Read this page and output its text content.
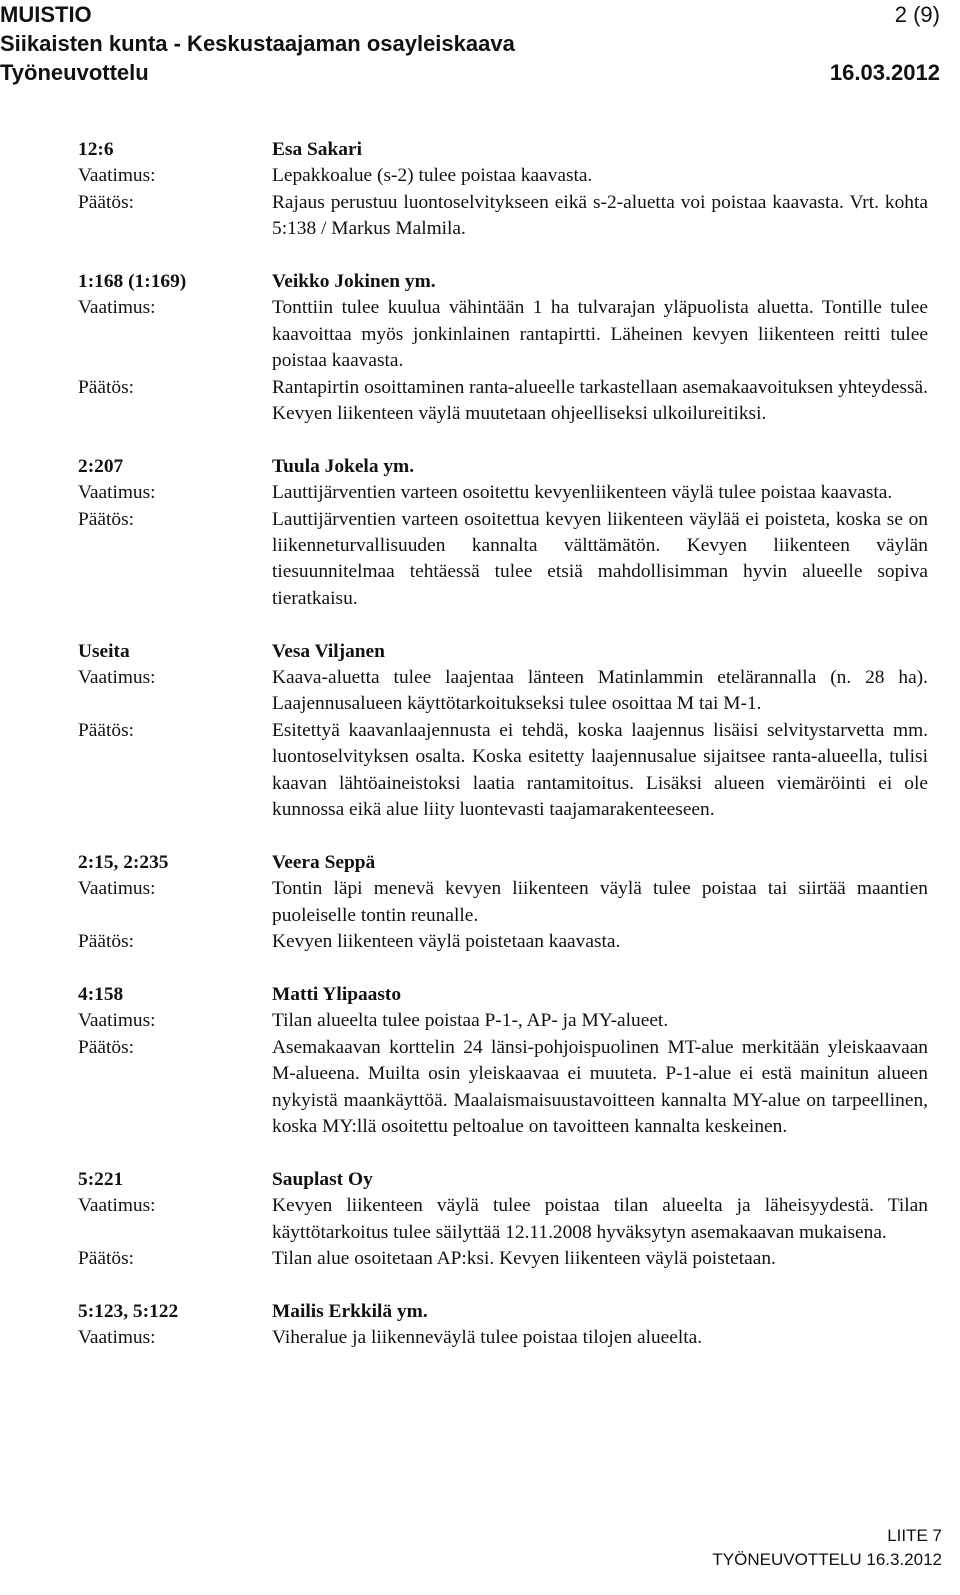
MUISTIO	2 (9)
Siikaisten kunta - Keskustaajaman osayleiskaava
Työneuvottelu	16.03.2012
12:6	Esa Sakari
Vaatimus:	Lepakkoalue (s-2) tulee poistaa kaavasta.
Päätös:	Rajaus perustuu luontoselvitykseen eikä s-2-aluetta voi poistaa kaavasta. Vrt. kohta 5:138 / Markus Malmila.
1:168 (1:169)	Veikko Jokinen ym.
Vaatimus:	Tonttiin tulee kuulua vähintään 1 ha tulvarajan yläpuolista aluetta. Tontille tulee kaavoittaa myös jonkinlainen rantapirtti. Läheinen kevyen liikenteen reitti tulee poistaa kaavasta.
Päätös:	Rantapirtin osoittaminen ranta-alueelle tarkastellaan asemakaavoituksen yhteydessä. Kevyen liikenteen väylä muutetaan ohjeelliseksi ulkoilureitiksi.
2:207	Tuula Jokela ym.
Vaatimus:	Lauttijärventien varteen osoitettu kevyenliikenteen väylä tulee poistaa kaavasta.
Päätös:	Lauttijärventien varteen osoitettua kevyen liikenteen väylää ei poisteta, koska se on liikenneturvallisuuden kannalta välttämätön. Kevyen liikenteen väylän tiesuunnitelmaa tehtäessä tulee etsiä mahdollisimman hyvin alueelle sopiva tieratkaisu.
Useita	Vesa Viljanen
Vaatimus:	Kaava-aluetta tulee laajentaa länteen Matinlammin etelärannalla (n. 28 ha). Laajennusalueen käyttötarkoitukseksi tulee osoittaa M tai M-1.
Päätös:	Esitettyä kaavanlaajennusta ei tehdä, koska laajennus lisäisi selvitystarvetta mm. luontoselvityksen osalta. Koska esitetty laajennusalue sijaitsee ranta-alueella, tulisi kaavan lähtöaineistoksi laatia rantamitoitus. Lisäksi alueen viemäröinti ei ole kunnossa eikä alue liity luontevasti taajamarakenteeseen.
2:15, 2:235	Veera Seppä
Vaatimus:	Tontin läpi menevä kevyen liikenteen väylä tulee poistaa tai siirtää maantien puoleiselle tontin reunalle.
Päätös:	Kevyen liikenteen väylä poistetaan kaavasta.
4:158	Matti Ylipaasto
Vaatimus:	Tilan alueelta tulee poistaa P-1-, AP- ja MY-alueet.
Päätös:	Asemakaavan korttelin 24 länsi-pohjoispuolinen MT-alue merkitään yleiskaavaan M-alueena. Muilta osin yleiskaavaa ei muuteta. P-1-alue ei estä mainitun alueen nykyistä maankäyttöä. Maalaismaisuustavoitteen kannalta MY-alue on tarpeellinen, koska MY:llä osoitettu peltoalue on tavoitteen kannalta keskeinen.
5:221	Sauplast Oy
Vaatimus:	Kevyen liikenteen väylä tulee poistaa tilan alueelta ja läheisyydestä. Tilan käyttötarkoitus tulee säilyttää 12.11.2008 hyväksytyn asemakaavan mukaisena.
Päätös:	Tilan alue osoitetaan AP:ksi. Kevyen liikenteen väylä poistetaan.
5:123, 5:122	Mailis Erkkilä ym.
Vaatimus:	Viheralue ja liikenneväylä tulee poistaa tilojen alueelta.
LIITE 7
TYÖNEUVOTTELU 16.3.2012
